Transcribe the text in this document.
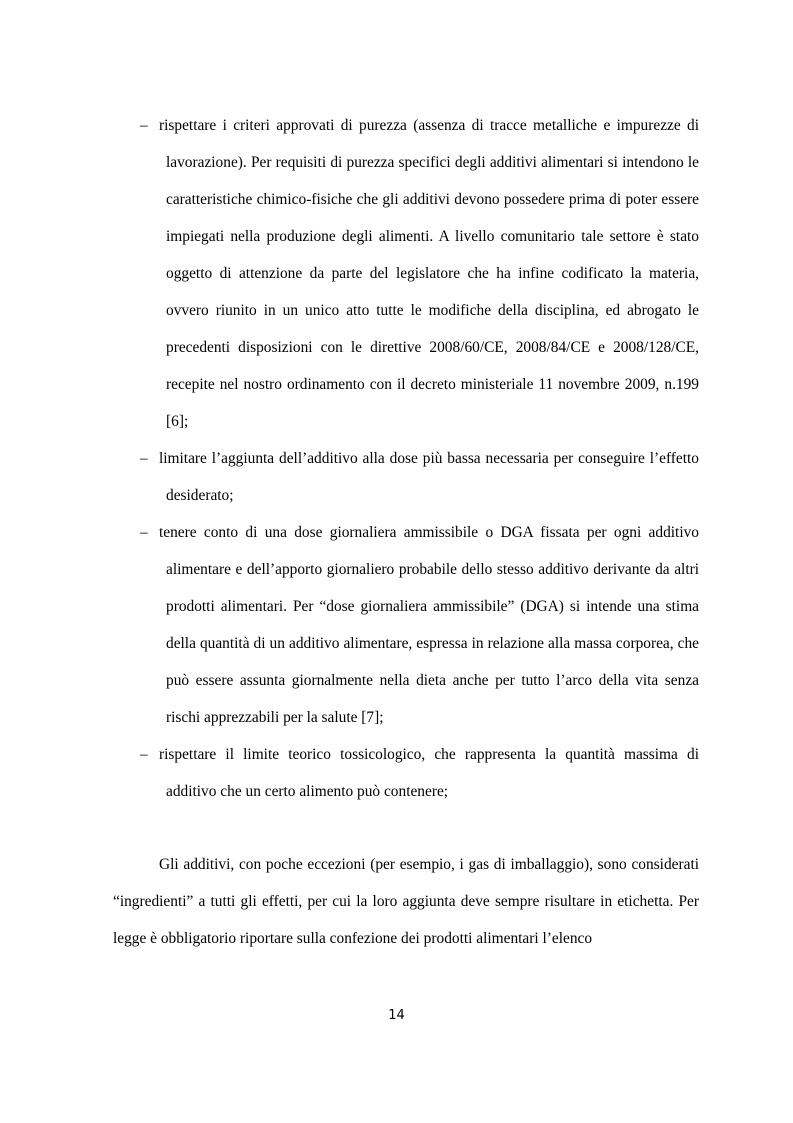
– rispettare i criteri approvati di purezza (assenza di tracce metalliche e impurezze di lavorazione). Per requisiti di purezza specifici degli additivi alimentari si intendono le caratteristiche chimico-fisiche che gli additivi devono possedere prima di poter essere impiegati nella produzione degli alimenti. A livello comunitario tale settore è stato oggetto di attenzione da parte del legislatore che ha infine codificato la materia, ovvero riunito in un unico atto tutte le modifiche della disciplina, ed abrogato le precedenti disposizioni con le direttive 2008/60/CE, 2008/84/CE e 2008/128/CE, recepite nel nostro ordinamento con il decreto ministeriale 11 novembre 2009, n.199 [6];

– limitare l’aggiunta dell’additivo alla dose più bassa necessaria per conseguire l’effetto desiderato;

– tenere conto di una dose giornaliera ammissibile o DGA fissata per ogni additivo alimentare e dell’apporto giornaliero probabile dello stesso additivo derivante da altri prodotti alimentari. Per “dose giornaliera ammissibile” (DGA) si intende una stima della quantità di un additivo alimentare, espressa in relazione alla massa corporea, che può essere assunta giornalmente nella dieta anche per tutto l’arco della vita senza rischi apprezzabili per la salute [7];

– rispettare il limite teorico tossicologico, che rappresenta la quantità massima di additivo che un certo alimento può contenere;

Gli additivi, con poche eccezioni (per esempio, i gas di imballaggio), sono considerati “ingredienti” a tutti gli effetti, per cui la loro aggiunta deve sempre risultare in etichetta. Per legge è obbligatorio riportare sulla confezione dei prodotti alimentari l’elenco

14
